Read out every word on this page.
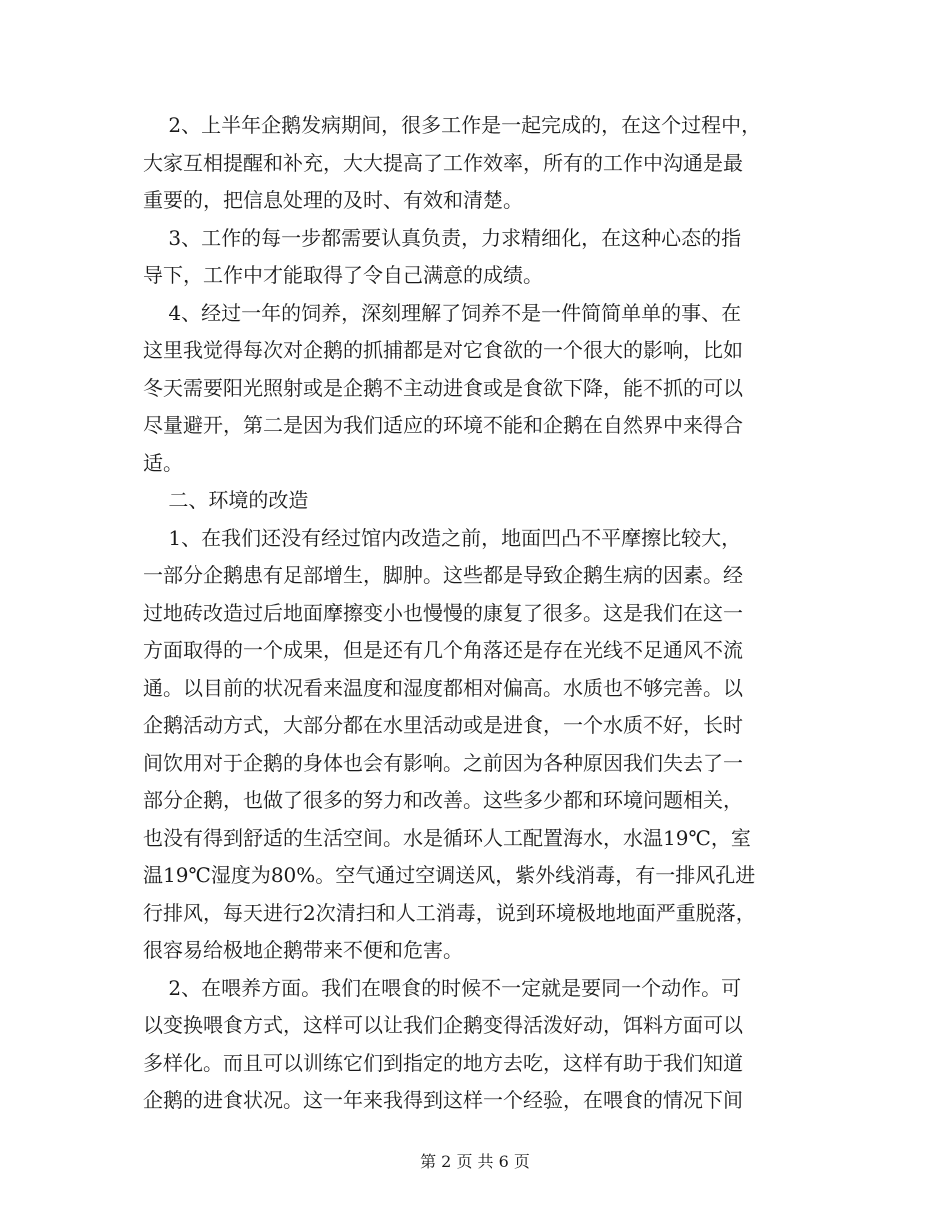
2、上半年企鹅发病期间，很多工作是一起完成的，在这个过程中，
大家互相提醒和补充，大大提高了工作效率，所有的工作中沟通是最
重要的，把信息处理的及时、有效和清楚。
3、工作的每一步都需要认真负责，力求精细化，在这种心态的指
导下，工作中才能取得了令自己满意的成绩。
4、经过一年的饲养，深刻理解了饲养不是一件简简单单的事、在
这里我觉得每次对企鹅的抓捕都是对它食欲的一个很大的影响，比如
冬天需要阳光照射或是企鹅不主动进食或是食欲下降，能不抓的可以
尽量避开，第二是因为我们适应的环境不能和企鹅在自然界中来得合
适。
二、环境的改造
1、在我们还没有经过馆内改造之前，地面凹凸不平摩擦比较大，
一部分企鹅患有足部增生，脚肿。这些都是导致企鹅生病的因素。经
过地砖改造过后地面摩擦变小也慢慢的康复了很多。这是我们在这一
方面取得的一个成果，但是还有几个角落还是存在光线不足通风不流
通。以目前的状况看来温度和湿度都相对偏高。水质也不够完善。以
企鹅活动方式，大部分都在水里活动或是进食，一个水质不好，长时
间饮用对于企鹅的身体也会有影响。之前因为各种原因我们失去了一
部分企鹅，也做了很多的努力和改善。这些多少都和环境问题相关，
也没有得到舒适的生活空间。水是循环人工配置海水，水温19℃，室
温19℃湿度为80%。空气通过空调送风，紫外线消毒，有一排风孔进
行排风，每天进行2次清扫和人工消毒，说到环境极地地面严重脱落，
很容易给极地企鹅带来不便和危害。
2、在喂养方面。我们在喂食的时候不一定就是要同一个动作。可
以变换喂食方式，这样可以让我们企鹅变得活泼好动，饵料方面可以
多样化。而且可以训练它们到指定的地方去吃，这样有助于我们知道
企鹅的进食状况。这一年来我得到这样一个经验，在喂食的情况下间
第 2 页 共 6 页
